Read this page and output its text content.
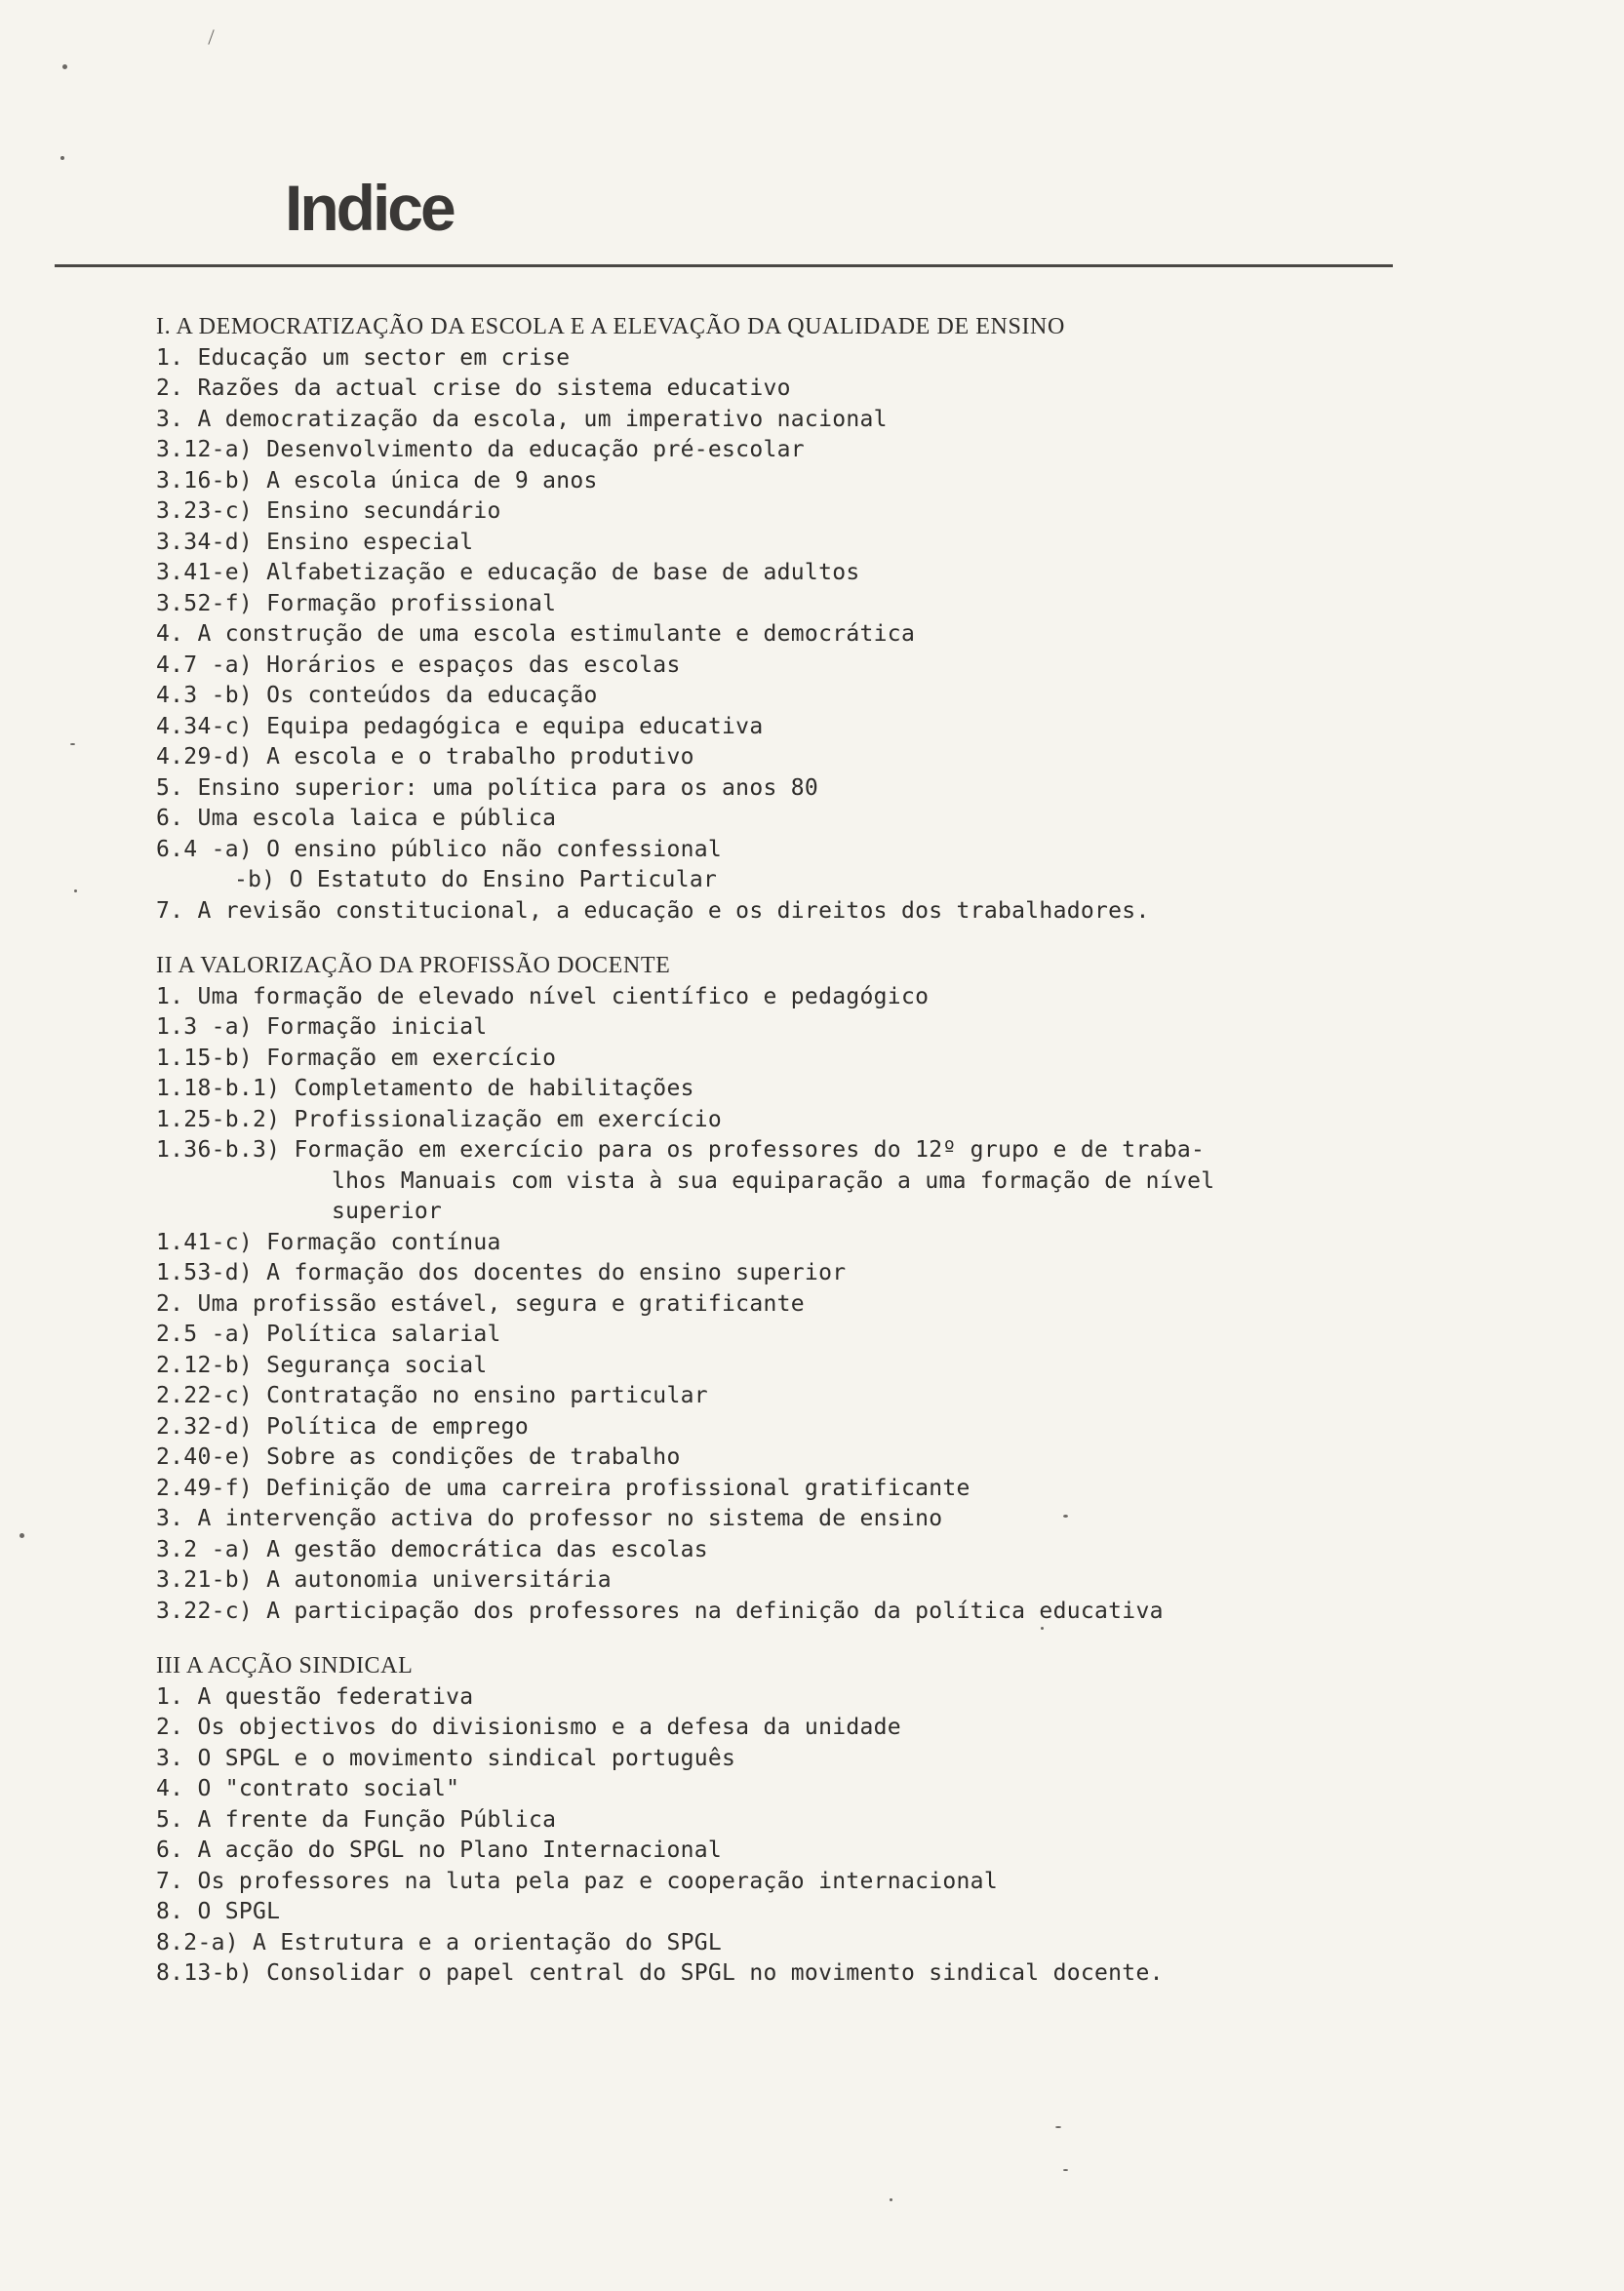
Indice
I. A DEMOCRATIZAÇÃO DA ESCOLA E A ELEVAÇÃO DA QUALIDADE DE ENSINO
1. Educação um sector em crise
2. Razões da actual crise do sistema educativo
3. A democratização da escola, um imperativo nacional
3.12-a) Desenvolvimento da educação pré-escolar
3.16-b) A escola única de 9 anos
3.23-c) Ensino secundário
3.34-d) Ensino especial
3.41-e) Alfabetização e educação de base de adultos
3.52-f) Formação profissional
4. A construção de uma escola estimulante e democrática
4.7 -a) Horários e espaços das escolas
4.3 -b) Os conteúdos da educação
4.34-c) Equipa pedagógica e equipa educativa
4.29-d) A escola e o trabalho produtivo
5. Ensino superior: uma política para os anos 80
6. Uma escola laica e pública
6.4 -a) O ensino público não confessional
-b) O Estatuto do Ensino Particular
7. A revisão constitucional, a educação e os direitos dos trabalhadores.
II A VALORIZAÇÃO DA PROFISSÃO DOCENTE
1. Uma formação de elevado nível científico e pedagógico
1.3 -a) Formação inicial
1.15-b) Formação em exercício
1.18-b.1) Completamento de habilitações
1.25-b.2) Profissionalização em exercício
1.36-b.3) Formação em exercício para os professores do 12º grupo e de traba-
lhos Manuais com vista à sua equiparação a uma formação de nível
superior
1.41-c) Formação contínua
1.53-d) A formação dos docentes do ensino superior
2. Uma profissão estável, segura e gratificante
2.5 -a) Política salarial
2.12-b) Segurança social
2.22-c) Contratação no ensino particular
2.32-d) Política de emprego
2.40-e) Sobre as condições de trabalho
2.49-f) Definição de uma carreira profissional gratificante
3. A intervenção activa do professor no sistema de ensino
3.2 -a) A gestão democrática das escolas
3.21-b) A autonomia universitária
3.22-c) A participação dos professores na definição da política educativa
III A ACÇÃO SINDICAL
1. A questão federativa
2. Os objectivos do divisionismo e a defesa da unidade
3. O SPGL e o movimento sindical português
4. O "contrato social"
5. A frente da Função Pública
6. A acção do SPGL no Plano Internacional
7. Os professores na luta pela paz e cooperação internacional
8. O SPGL
8.2-a) A Estrutura e a orientação do SPGL
8.13-b) Consolidar o papel central do SPGL no movimento sindical docente.
